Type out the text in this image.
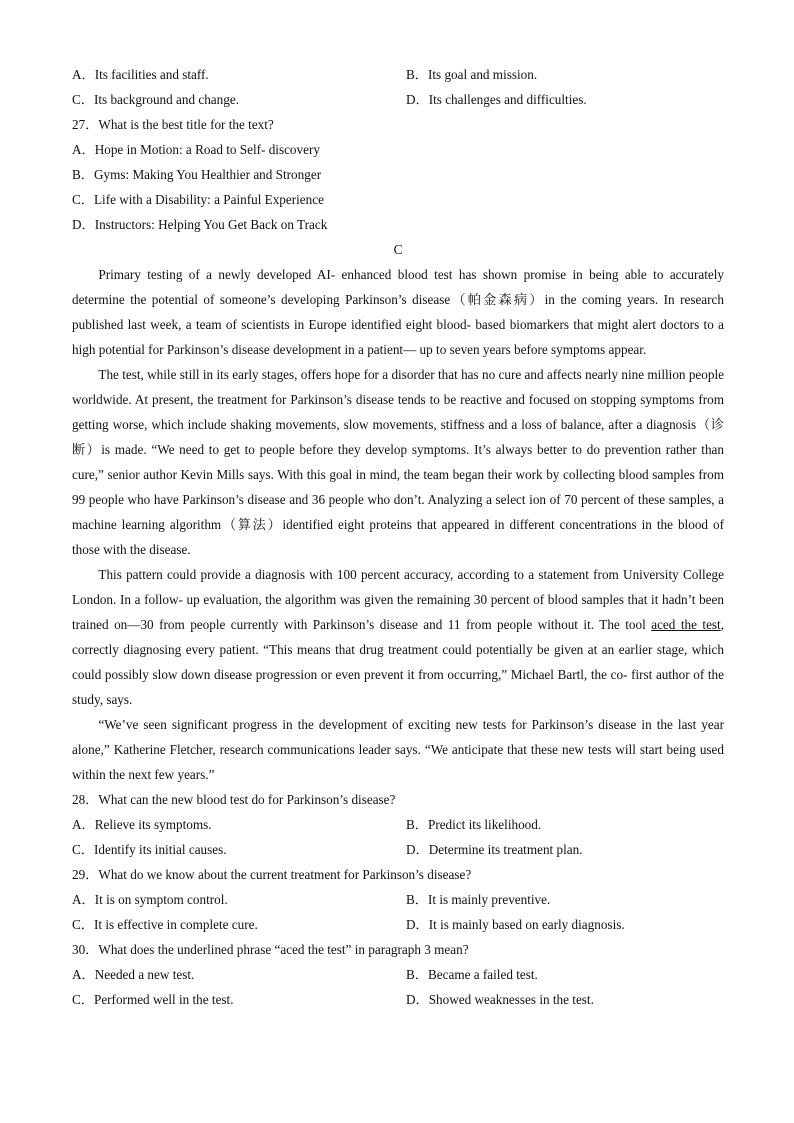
A．Its facilities and staff.	B．Its goal and mission.
C．Its background and change.	D．Its challenges and difficulties.
27．What is the best title for the text?
A．Hope in Motion: a Road to Self- discovery
B．Gyms: Making You Healthier and Stronger
C．Life with a Disability: a Painful Experience
D．Instructors: Helping You Get Back on Track
C

Primary testing of a newly developed AI- enhanced blood test has shown promise in being able to accurately determine the potential of someone’s developing Parkinson’s disease（帕金森病）in the coming years. In research published last week, a team of scientists in Europe identified eight blood- based biomarkers that might alert doctors to a high potential for Parkinson’s disease development in a patient— up to seven years before symptoms appear.

The test, while still in its early stages, offers hope for a disorder that has no cure and affects nearly nine million people worldwide. At present, the treatment for Parkinson’s disease tends to be reactive and focused on stopping symptoms from getting worse, which include shaking movements, slow movements, stiffness and a loss of balance, after a diagnosis（诊断）is made. “We need to get to people before they develop symptoms. It’s always better to do prevention rather than cure,” senior author Kevin Mills says. With this goal in mind, the team began their work by collecting blood samples from 99 people who have Parkinson’s disease and 36 people who don’t. Analyzing a select ion of 70 percent of these samples, a machine learning algorithm（算法）identified eight proteins that appeared in different concentrations in the blood of those with the disease.

This pattern could provide a diagnosis with 100 percent accuracy, according to a statement from University College London. In a follow- up evaluation, the algorithm was given the remaining 30 percent of blood samples that it hadn’t been trained on—30 from people currently with Parkinson’s disease and 11 from people without it. The tool aced the test, correctly diagnosing every patient. “This means that drug treatment could potentially be given at an earlier stage, which could possibly slow down disease progression or even prevent it from occurring,” Michael Bartl, the co- first author of the study, says.

“We’ve seen significant progress in the development of exciting new tests for Parkinson’s disease in the last year alone,” Katherine Fletcher, research communications leader says. “We anticipate that these new tests will start being used within the next few years.”

28．What can the new blood test do for Parkinson’s disease?
A．Relieve its symptoms.	B．Predict its likelihood.
C．Identify its initial causes.	D．Determine its treatment plan.
29．What do we know about the current treatment for Parkinson’s disease?
A．It is on symptom control.	B．It is mainly preventive.
C．It is effective in complete cure.	D．It is mainly based on early diagnosis.
30．What does the underlined phrase “aced the test” in paragraph 3 mean?
A．Needed a new test.	B．Became a failed test.
C．Performed well in the test.	D．Showed weaknesses in the test.
